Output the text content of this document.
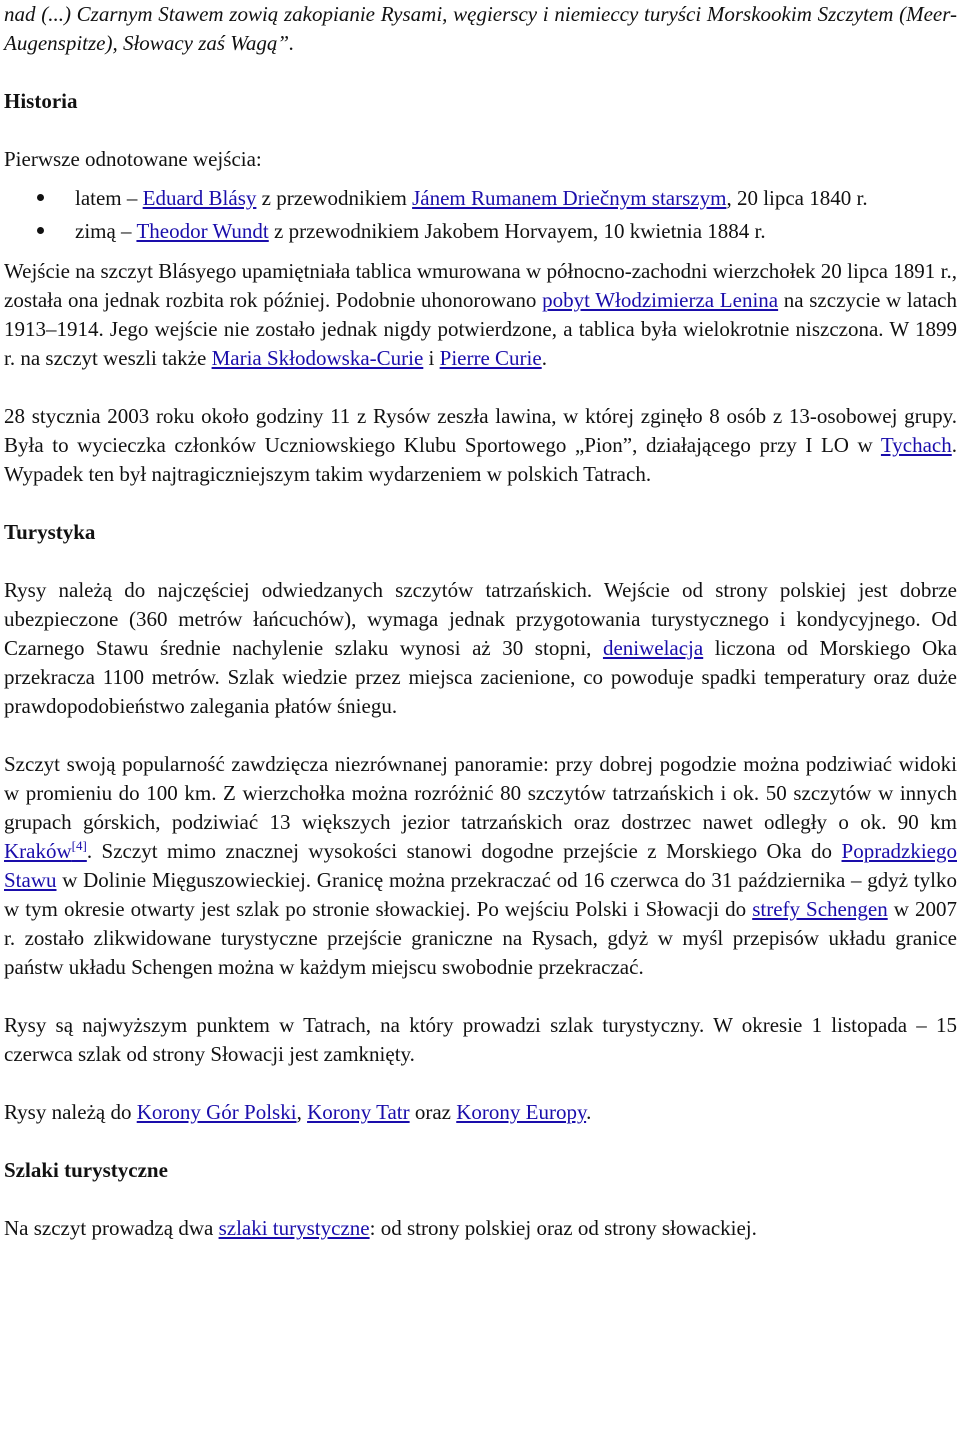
nad (...) Czarnym Stawem zowią zakopianie Rysami, węgierscy i niemieccy turyści Morskookim Szczytem (Meer-Augenspitze), Słowacy zaś Wagą”.

Historia

Pierwsze odnotowane wejścia:

latem – Eduard Blásy z przewodnikiem Jánem Rumanem Driečnym starszym, 20 lipca 1840 r.
zimą – Theodor Wundt z przewodnikiem Jakobem Horvayem, 10 kwietnia 1884 r.

Wejście na szczyt Blásyego upamiętniała tablica wmurowana w północno-zachodni wierzchołek 20 lipca 1891 r., została ona jednak rozbita rok później. Podobnie uhonorowano pobyt Włodzimierza Lenina na szczycie w latach 1913–1914. Jego wejście nie zostało jednak nigdy potwierdzone, a tablica była wielokrotnie niszczona. W 1899 r. na szczyt weszli także Maria Skłodowska-Curie i Pierre Curie.

28 stycznia 2003 roku około godziny 11 z Rysów zeszła lawina, w której zginęło 8 osób z 13-osobowej grupy. Była to wycieczka członków Uczniowskiego Klubu Sportowego „Pion”, działającego przy I LO w Tychach. Wypadek ten był najtragiczniejszym takim wydarzeniem w polskich Tatrach.

Turystyka

Rysy należą do najczęściej odwiedzanych szczytów tatrzańskich. Wejście od strony polskiej jest dobrze ubezpieczone (360 metrów łańcuchów), wymaga jednak przygotowania turystycznego i kondycyjnego. Od Czarnego Stawu średnie nachylenie szlaku wynosi aż 30 stopni, deniwelacja liczona od Morskiego Oka przekracza 1100 metrów. Szlak wiedzie przez miejsca zacienione, co powoduje spadki temperatury oraz duże prawdopodobieństwo zalegania płatów śniegu.

Szczyt swoją popularność zawdzięcza niezrównanej panoramie: przy dobrej pogodzie można podziwiać widoki w promieniu do 100 km. Z wierzchołka można rozróżnić 80 szczytów tatrzańskich i ok. 50 szczytów w innych grupach górskich, podziwiać 13 większych jezior tatrzańskich oraz dostrzec nawet odległy o ok. 90 km Kraków[4]. Szczyt mimo znacznej wysokości stanowi dogodne przejście z Morskiego Oka do Popradzkiego Stawu w Dolinie Mięguszowieckiej. Granicę można przekraczać od 16 czerwca do 31 października – gdyż tylko w tym okresie otwarty jest szlak po stronie słowackiej. Po wejściu Polski i Słowacji do strefy Schengen w 2007 r. zostało zlikwidowane turystyczne przejście graniczne na Rysach, gdyż w myśl przepisów układu granice państw układu Schengen można w każdym miejscu swobodnie przekraczać.

Rysy są najwyższym punktem w Tatrach, na który prowadzi szlak turystyczny. W okresie 1 listopada – 15 czerwca szlak od strony Słowacji jest zamknięty.

Rysy należą do Korony Gór Polski, Korony Tatr oraz Korony Europy.

Szlaki turystyczne

Na szczyt prowadzą dwa szlaki turystyczne: od strony polskiej oraz od strony słowackiej.
